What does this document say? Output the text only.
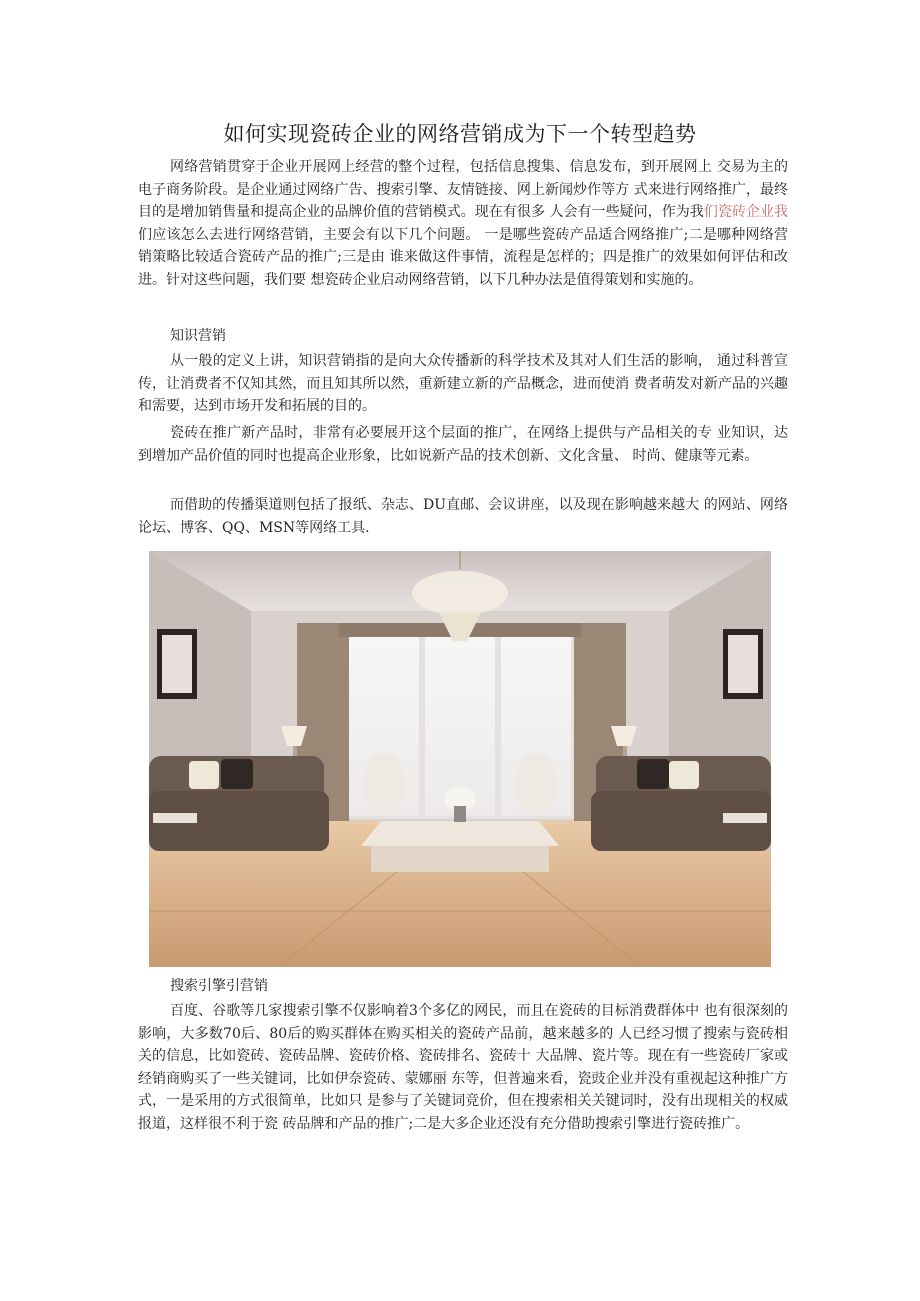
如何实现瓷砖企业的网络营销成为下一个转型趋势

网络营销贯穿于企业开展网上经营的整个过程，包括信息搜集、信息发布，到开展网上 交易为主的电子商务阶段。是企业通过网络广告、搜索引擎、友情链接、网上新闻炒作等方 式来进行网络推广，最终目的是增加销售量和提高企业的品牌价值的营销模式。现在有很多 人会有一些疑问，作为我们瓷砖企业我们应该怎么去进行网络营销，主要会有以下几个问题。 一是哪些瓷砖产品适合网络推广;二是哪种网络营销策略比较适合瓷砖产品的推广;三是由 谁来做这件事情，流程是怎样的；四是推广的效果如何评估和改进。针对这些问题，我们要 想瓷砖企业启动网络营销，以下几种办法是值得策划和实施的。

知识营销

从一般的定义上讲，知识营销指的是向大众传播新的科学技术及其对人们生活的影响， 通过科普宣传，让消费者不仅知其然，而且知其所以然，重新建立新的产品概念，进而使消 费者萌发对新产品的兴趣和需要，达到市场开发和拓展的目的。

瓷砖在推广新产品时，非常有必要展开这个层面的推广，在网络上提供与产品相关的专 业知识，达到增加产品价值的同时也提高企业形象，比如说新产品的技术创新、文化含量、 时尚、健康等元素。

而借助的传播渠道则包括了报纸、杂志、DU直邮、会议讲座，以及现在影响越来越大 的网站、网络论坛、博客、QQ、MSN等网络工具.

搜索引擎引营销

百度、谷歌等几家搜索引擎不仅影响着3个多亿的网民，而且在瓷砖的目标消费群体中 也有很深刻的影响，大多数70后、80后的购买群体在购买相关的瓷砖产品前，越来越多的 人已经习惯了搜索与瓷砖相关的信息，比如瓷砖、瓷砖品牌、瓷砖价格、瓷砖排名、瓷砖十 大品牌、瓷片等。现在有一些瓷砖厂家或经销商购买了一些关键词，比如伊奈瓷砖、蒙娜丽 东等，但普遍来看，瓷豉企业并没有重视起这种推广方式，一是采用的方式很简单，比如只 是参与了关键词竞价，但在搜索相关关键词时，没有出现相关的权威报道，这样很不利于瓷 砖品牌和产品的推广;二是大多企业还没有充分借助搜索引擎进行瓷砖推广。
